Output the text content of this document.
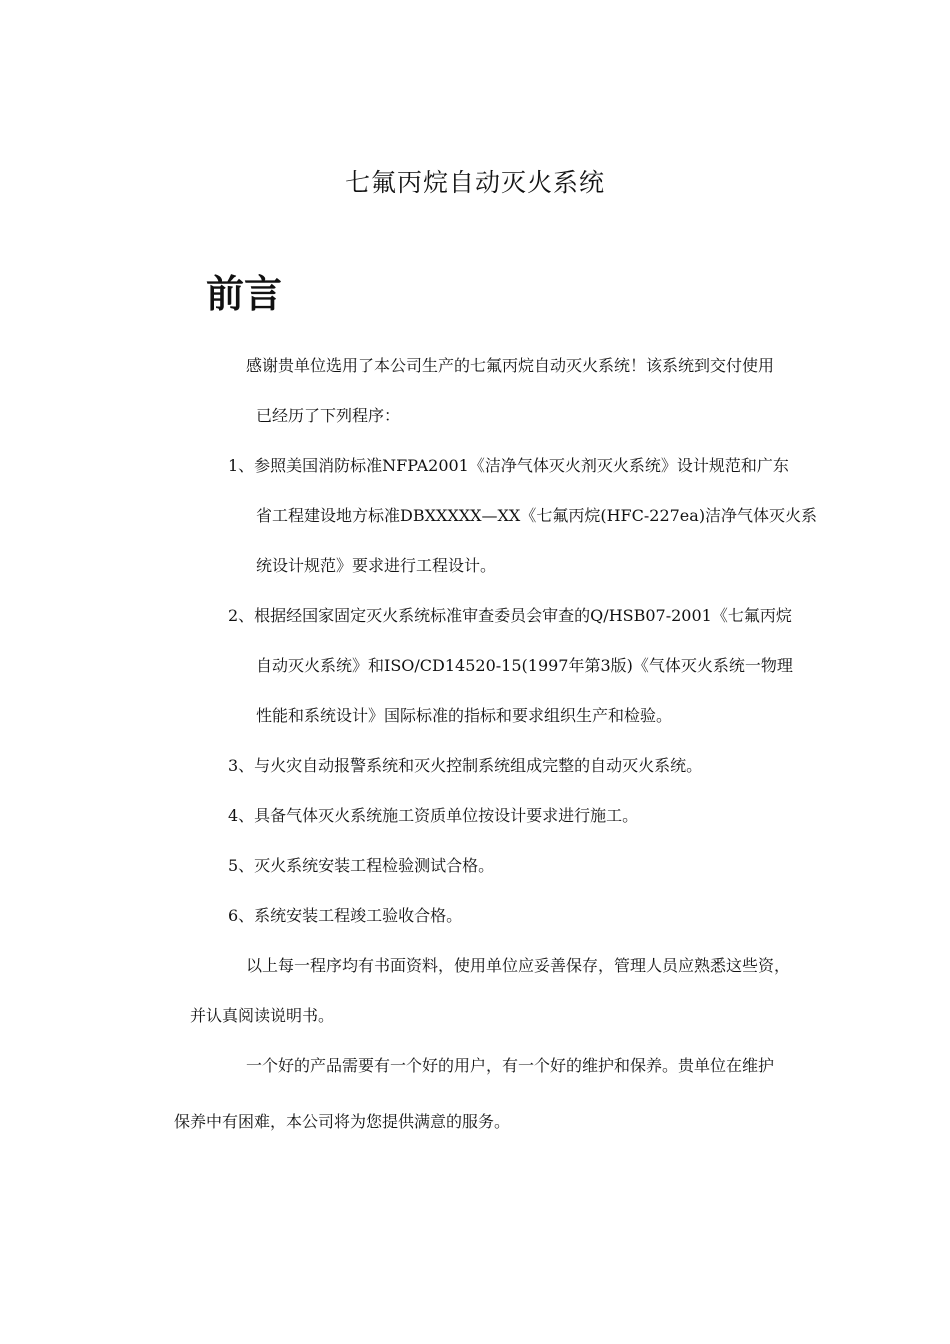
七氟丙烷自动灭火系统
前言
感谢贵单位选用了本公司生产的七氟丙烷自动灭火系统！该系统到交付使用
已经历了下列程序：
1、参照美国消防标准NFPA2001《洁净气体灭火剂灭火系统》设计规范和广东
省工程建设地方标准DBXXXXX—XX《七氟丙烷(HFC-227ea)洁净气体灭火系
统设计规范》要求进行工程设计。
2、根据经国家固定灭火系统标准审查委员会审查的Q/HSB07-2001《七氟丙烷
自动灭火系统》和ISO/CD14520-15(1997年第3版)《气体灭火系统一物理
性能和系统设计》国际标准的指标和要求组织生产和检验。
3、与火灾自动报警系统和灭火控制系统组成完整的自动灭火系统。
4、具备气体灭火系统施工资质单位按设计要求进行施工。
5、灭火系统安装工程检验测试合格。
6、系统安装工程竣工验收合格。
以上每一程序均有书面资料，使用单位应妥善保存，管理人员应熟悉这些资，
并认真阅读说明书。
一个好的产品需要有一个好的用户，有一个好的维护和保养。贵单位在维护
保养中有困难，本公司将为您提供满意的服务。
